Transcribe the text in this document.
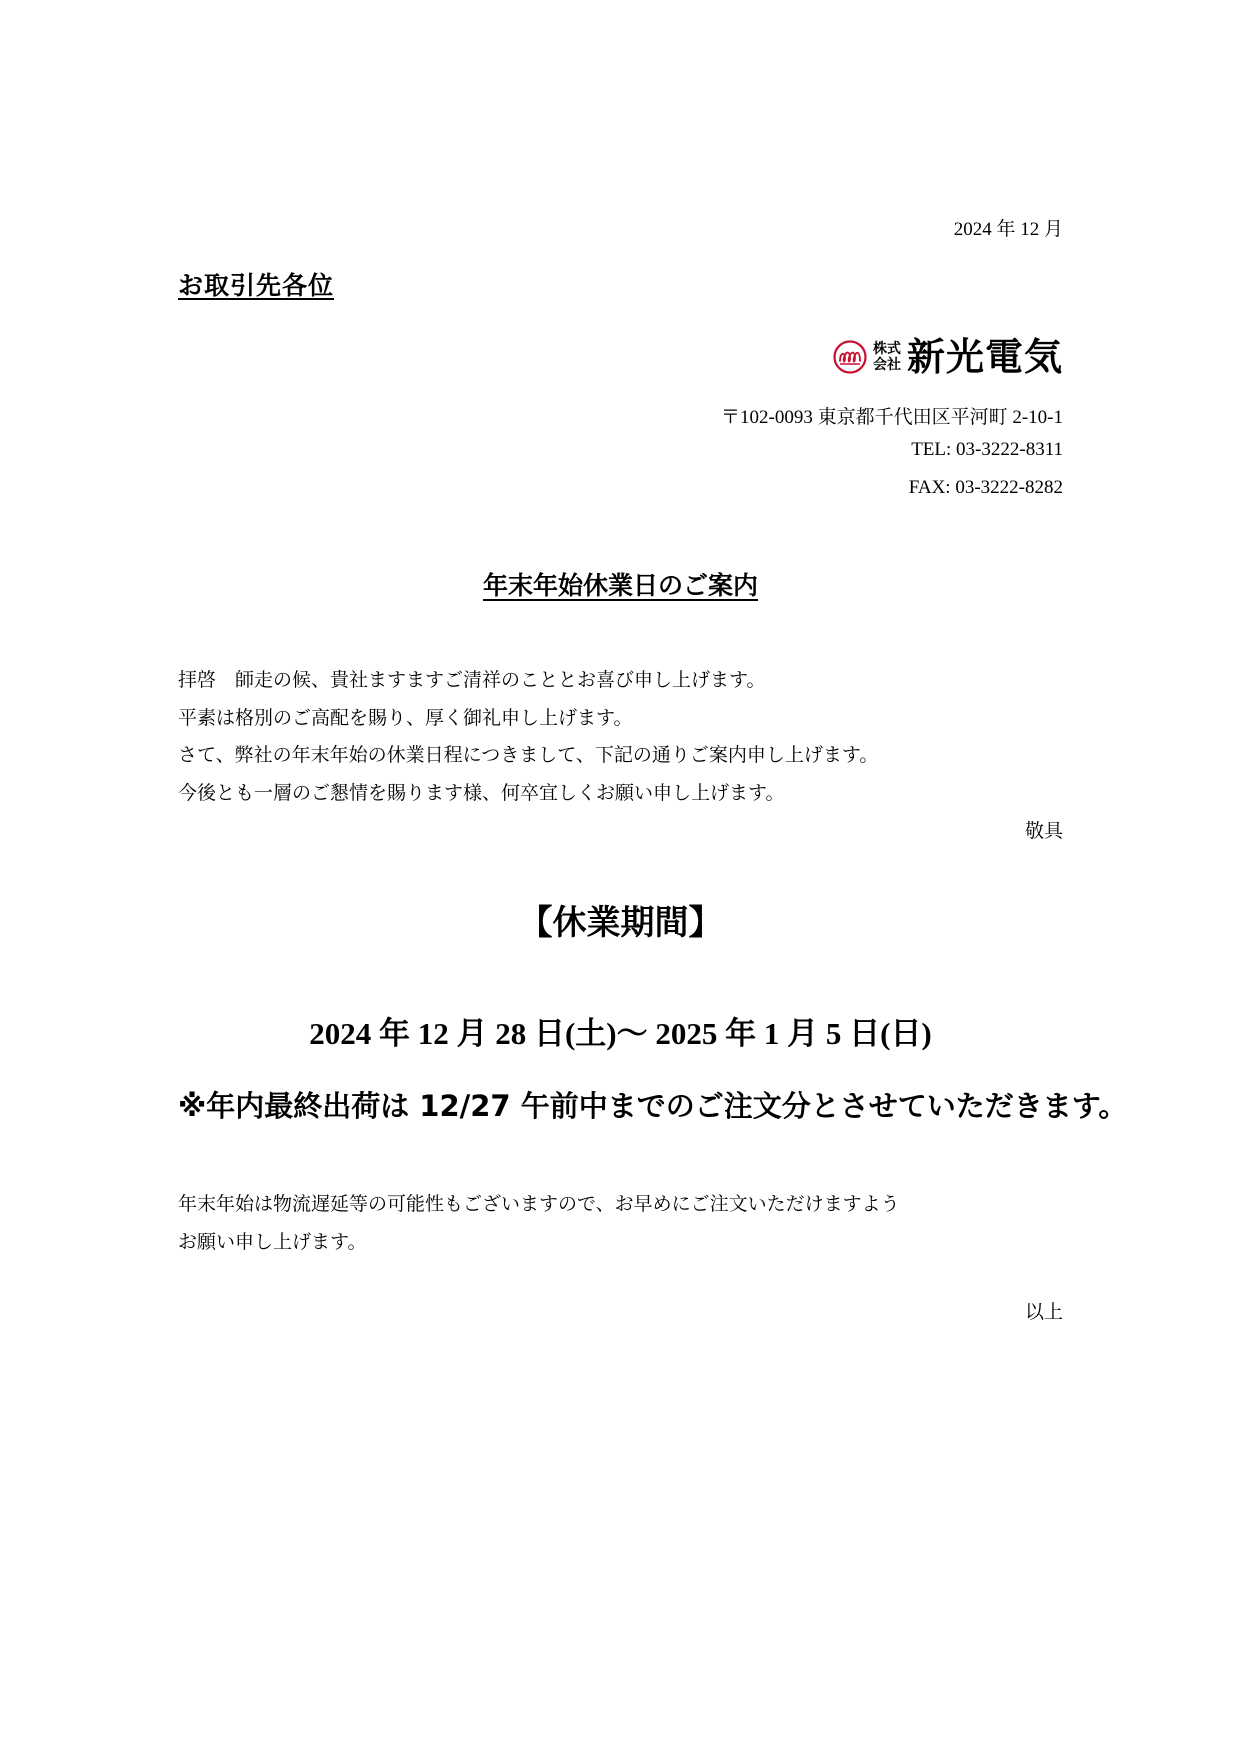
2024 年 12 月
お取引先各位
株式
会社 新光電気
〒102-0093 東京都千代田区平河町 2-10-1
TEL: 03-3222-8311
FAX: 03-3222-8282
年末年始休業日のご案内
拝啓　師走の候、貴社ますますご清祥のこととお喜び申し上げます。
平素は格別のご高配を賜り、厚く御礼申し上げます。
さて、弊社の年末年始の休業日程につきまして、下記の通りご案内申し上げます。
今後とも一層のご懇情を賜ります様、何卒宜しくお願い申し上げます。
敬具
【休業期間】
2024 年 12 月 28 日(土)～ 2025 年 1 月 5 日(日)
※年内最終出荷は 12/27 午前中までのご注文分とさせていただきます。
年末年始は物流遅延等の可能性もございますので、お早めにご注文いただけますよう
お願い申し上げます。
以上
